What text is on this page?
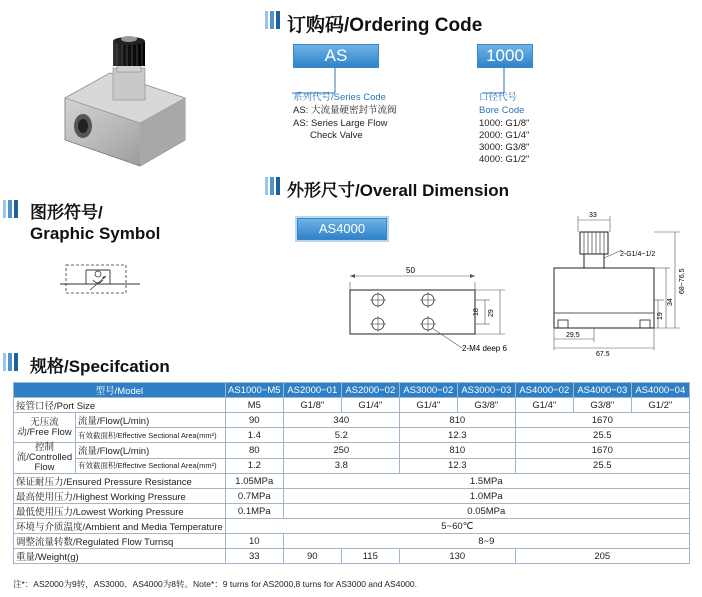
订购码/Ordering Code
AS	1000
系列代号/Series Code
AS: 大流量硬密封节流阀
AS: Series Large Flow
Check Valve
口径代号
Bore Code
1000: G1/8"
2000: G1/4"
3000: G3/8"
4000: G1/2"
外形尺寸/Overall Dimension
AS4000
图形符号/
Graphic Symbol
50
18 29
2-M4 deep 6
33
2-G1/4~1/2
68~76.5
34
19
29.5
67.5
规格/Specifcation
型号/Model		AS1000−M5	AS2000−01	AS2000−02	AS3000−02	AS3000−03	AS4000−02	AS4000−03	AS4000−04
接管口径/Port Size		M5	G1/8"	G1/4"	G1/4"	G3/8"	G1/4"	G3/8"	G1/2"
无压流动/Free Flow	流量/Flow(L/min)	90	340		810		1670		
	有效截面积/Effective Sectional Area(mm²)	1.4	5.2		12.3		25.5		
控制流/Controlled Flow	流量/Flow(L/min)	80	250		810		1670		
	有效截面积/Effective Sectional Area(mm²)	1.2	3.8		12.3		25.5		
保证耐压力/Ensured Pressure Resistance		1.05MPa	1.5MPa						
最高使用压力/Highest Working Pressure		0.7MPa	1.0MPa						
最低使用压力/Lowest Working Pressure		0.1MPa	0.05MPa						
环境与介质温度/Ambient and Media Temperature		5~60℃							
调整流量转数/Regulated Flow Turnsq		10	8~9						
重量/Weight(g)		33	90	115	130		205		
注*：AS2000为9转，AS3000、AS4000为8转。Note*：9 turns for AS2000,8 turns for AS3000 and AS4000.
